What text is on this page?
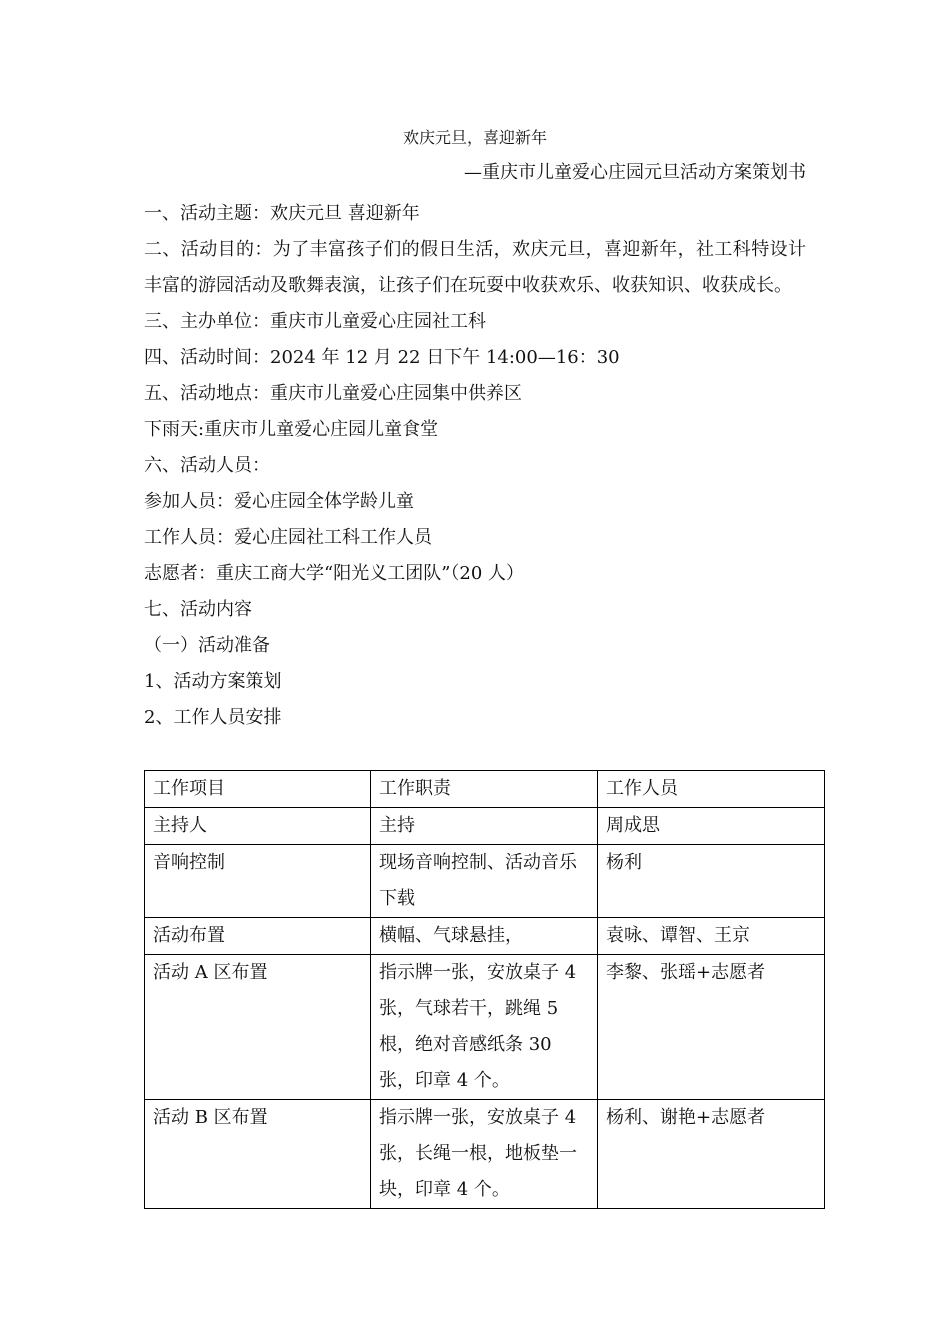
欢庆元旦，喜迎新年
—重庆市儿童爱心庄园元旦活动方案策划书
一、活动主题：欢庆元旦 喜迎新年
二、活动目的：为了丰富孩子们的假日生活，欢庆元旦，喜迎新年，社工科特设计丰富的游园活动及歌舞表演，让孩子们在玩耍中收获欢乐、收获知识、收获成长。
三、主办单位：重庆市儿童爱心庄园社工科
四、活动时间：2024 年 12 月 22 日下午 14:00—16：30
五、活动地点：重庆市儿童爱心庄园集中供养区
下雨天:重庆市儿童爱心庄园儿童食堂
六、活动人员：
参加人员：爱心庄园全体学龄儿童
工作人员：爱心庄园社工科工作人员
志愿者：重庆工商大学“阳光义工团队”（20 人）
七、活动内容
（一）活动准备
1、活动方案策划
2、工作人员安排
工作项目	工作职责	工作人员
主持人	主持	周成思
音响控制	现场音响控制、活动音乐下载	杨利
活动布置	横幅、气球悬挂，	袁咏、谭智、王京
活动 A 区布置	指示牌一张，安放桌子 4 张，气球若干，跳绳 5 根，绝对音感纸条 30 张，印章 4 个。	李黎、张瑶+志愿者
活动 B 区布置	指示牌一张，安放桌子 4 张，长绳一根，地板垫一块，印章 4 个。	杨利、谢艳+志愿者
